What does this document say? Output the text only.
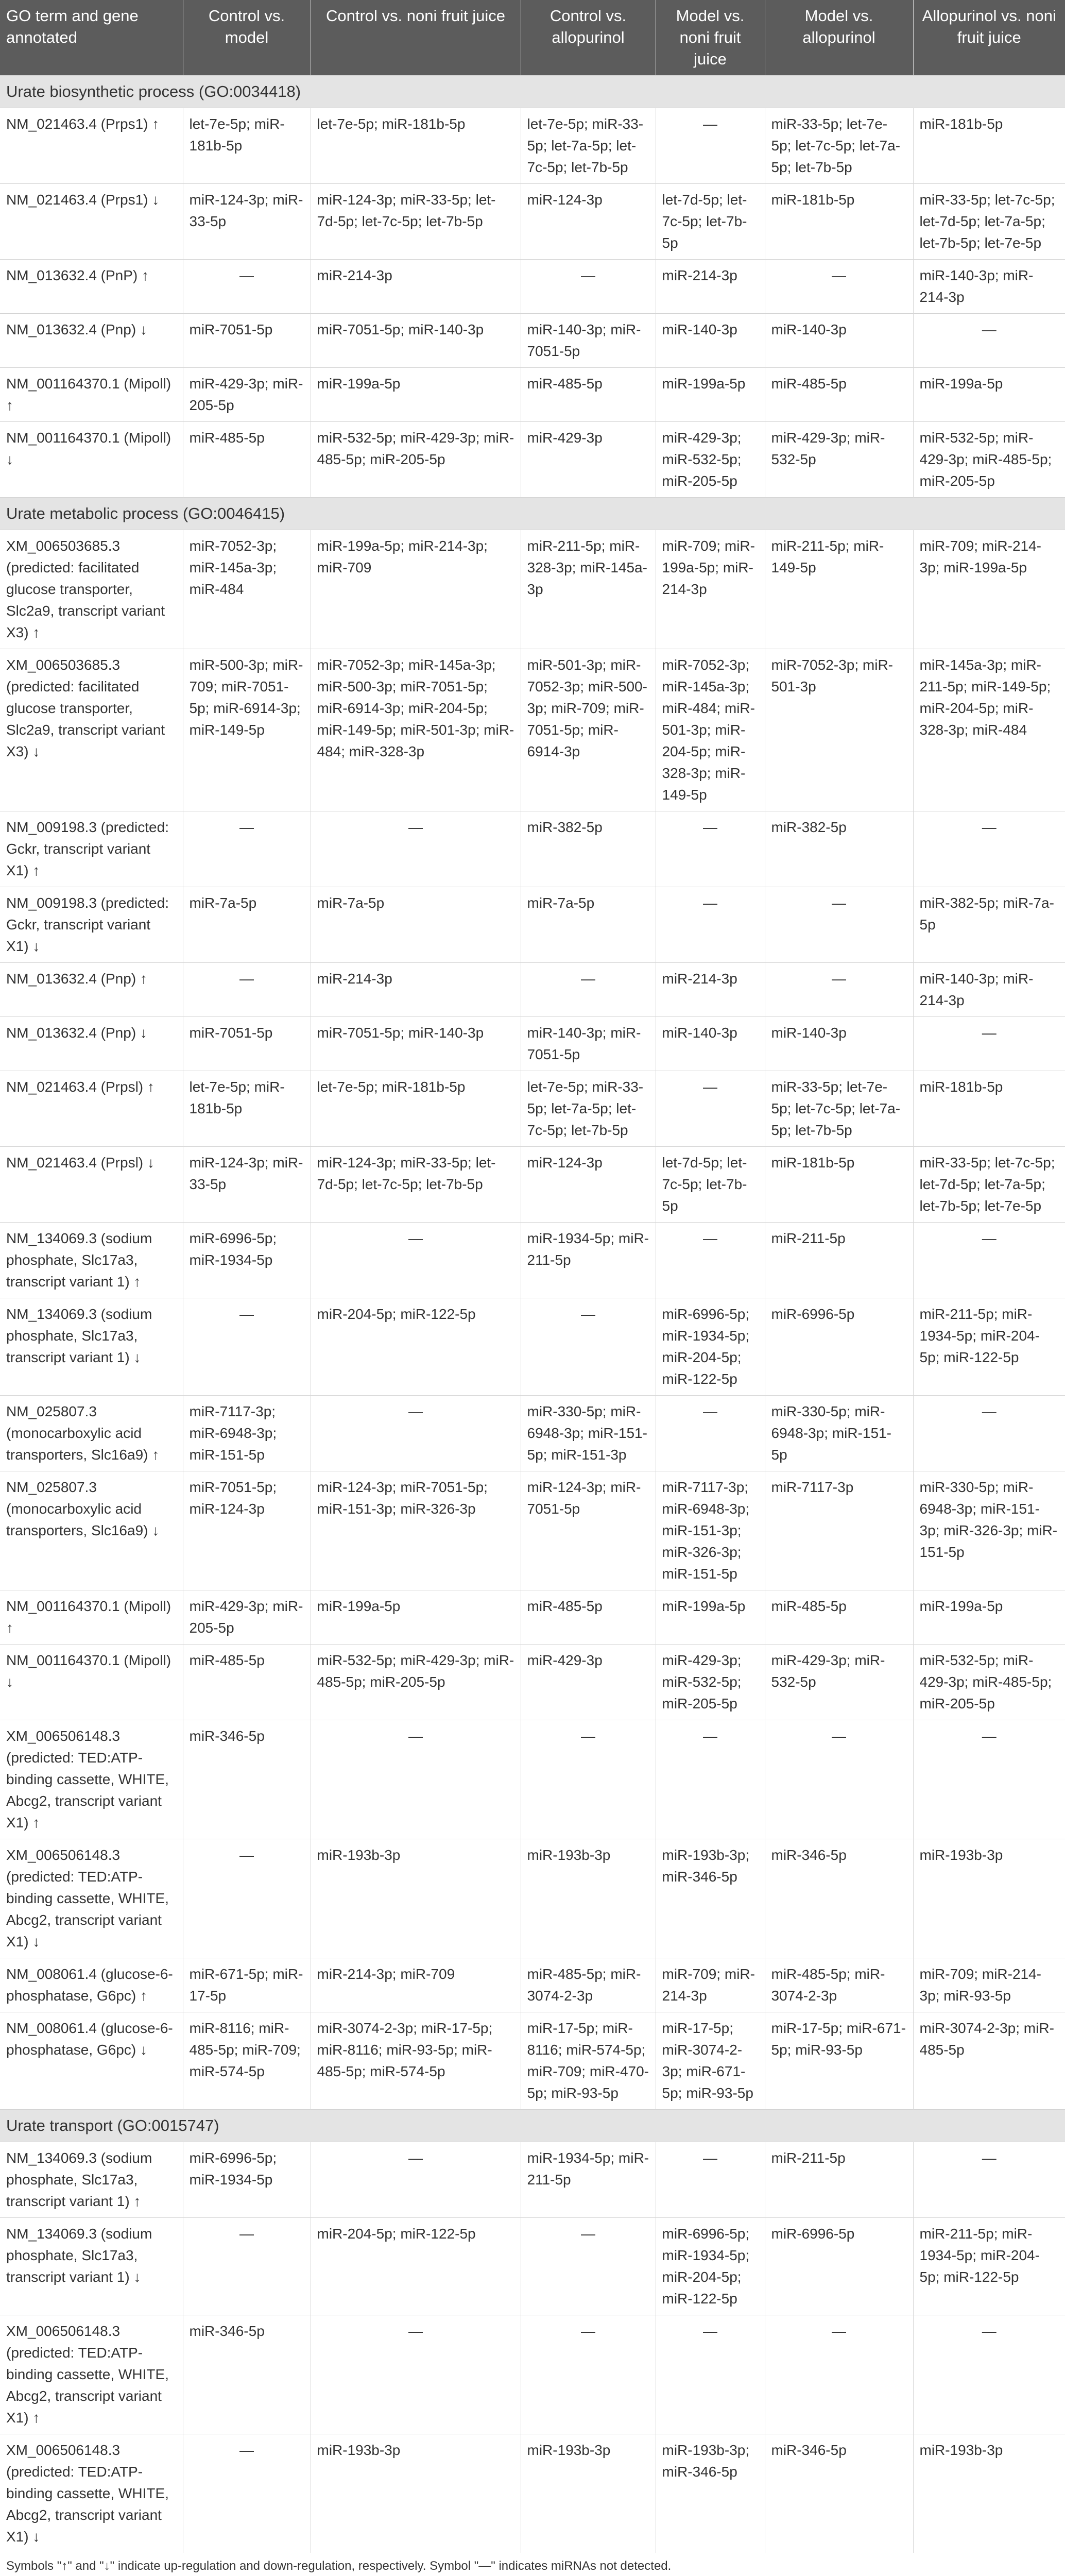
GO term and gene annotated	Control vs. model	Control vs. noni fruit juice	Control vs. allopurinol	Model vs. noni fruit juice	Model vs. allopurinol	Allopurinol vs. noni fruit juice
Urate biosynthetic process (GO:0034418)						
NM_021463.4 (Prps1) ↑	let-7e-5p; miR-181b-5p	let-7e-5p; miR-181b-5p	let-7e-5p; miR-33-5p; let-7a-5p; let-7c-5p; let-7b-5p	—	miR-33-5p; let-7e-5p; let-7c-5p; let-7a-5p; let-7b-5p	miR-181b-5p
NM_021463.4 (Prps1) ↓	miR-124-3p; miR-33-5p	miR-124-3p; miR-33-5p; let-7d-5p; let-7c-5p; let-7b-5p	miR-124-3p	let-7d-5p; let-7c-5p; let-7b-5p	miR-181b-5p	miR-33-5p; let-7c-5p; let-7d-5p; let-7a-5p; let-7b-5p; let-7e-5p
NM_013632.4 (PnP) ↑	—	miR-214-3p	—	miR-214-3p	—	miR-140-3p; miR-214-3p
NM_013632.4 (Pnp) ↓	miR-7051-5p	miR-7051-5p; miR-140-3p	miR-140-3p; miR-7051-5p	miR-140-3p	miR-140-3p	—
NM_001164370.1 (Mipoll) ↑	miR-429-3p; miR-205-5p	miR-199a-5p	miR-485-5p	miR-199a-5p	miR-485-5p	miR-199a-5p
NM_001164370.1 (Mipoll) ↓	miR-485-5p	miR-532-5p; miR-429-3p; miR-485-5p; miR-205-5p	miR-429-3p	miR-429-3p; miR-532-5p; miR-205-5p	miR-429-3p; miR-532-5p	miR-532-5p; miR-429-3p; miR-485-5p; miR-205-5p
Urate metabolic process (GO:0046415)						
XM_006503685.3 (predicted: facilitated glucose transporter, Slc2a9, transcript variant X3) ↑	miR-7052-3p; miR-145a-3p; miR-484	miR-199a-5p; miR-214-3p; miR-709	miR-211-5p; miR-328-3p; miR-145a-3p	miR-709; miR-199a-5p; miR-214-3p	miR-211-5p; miR-149-5p	miR-709; miR-214-3p; miR-199a-5p
XM_006503685.3 (predicted: facilitated glucose transporter, Slc2a9, transcript variant X3) ↓	miR-500-3p; miR-709; miR-7051-5p; miR-6914-3p; miR-149-5p	miR-7052-3p; miR-145a-3p; miR-500-3p; miR-7051-5p; miR-6914-3p; miR-204-5p; miR-149-5p; miR-501-3p; miR-484; miR-328-3p	miR-501-3p; miR-7052-3p; miR-500-3p; miR-709; miR-7051-5p; miR-6914-3p	miR-7052-3p; miR-145a-3p; miR-484; miR-501-3p; miR-204-5p; miR-328-3p; miR-149-5p	miR-7052-3p; miR-501-3p	miR-145a-3p; miR-211-5p; miR-149-5p; miR-204-5p; miR-328-3p; miR-484
NM_009198.3 (predicted: Gckr, transcript variant X1) ↑	—	—	miR-382-5p	—	miR-382-5p	—
NM_009198.3 (predicted: Gckr, transcript variant X1) ↓	miR-7a-5p	miR-7a-5p	miR-7a-5p	—	—	miR-382-5p; miR-7a-5p
NM_013632.4 (Pnp) ↑	—	miR-214-3p	—	miR-214-3p	—	miR-140-3p; miR-214-3p
NM_013632.4 (Pnp) ↓	miR-7051-5p	miR-7051-5p; miR-140-3p	miR-140-3p; miR-7051-5p	miR-140-3p	miR-140-3p	—
NM_021463.4 (Prpsl) ↑	let-7e-5p; miR-181b-5p	let-7e-5p; miR-181b-5p	let-7e-5p; miR-33-5p; let-7a-5p; let-7c-5p; let-7b-5p	—	miR-33-5p; let-7e-5p; let-7c-5p; let-7a-5p; let-7b-5p	miR-181b-5p
NM_021463.4 (Prpsl) ↓	miR-124-3p; miR-33-5p	miR-124-3p; miR-33-5p; let-7d-5p; let-7c-5p; let-7b-5p	miR-124-3p	let-7d-5p; let-7c-5p; let-7b-5p	miR-181b-5p	miR-33-5p; let-7c-5p; let-7d-5p; let-7a-5p; let-7b-5p; let-7e-5p
NM_134069.3 (sodium phosphate, Slc17a3, transcript variant 1) ↑	miR-6996-5p; miR-1934-5p	—	miR-1934-5p; miR-211-5p	—	miR-211-5p	—
NM_134069.3 (sodium phosphate, Slc17a3, transcript variant 1) ↓	—	miR-204-5p; miR-122-5p	—	miR-6996-5p; miR-1934-5p; miR-204-5p; miR-122-5p	miR-6996-5p	miR-211-5p; miR-1934-5p; miR-204-5p; miR-122-5p
NM_025807.3 (monocarboxylic acid transporters, Slc16a9) ↑	miR-7117-3p; miR-6948-3p; miR-151-5p	—	miR-330-5p; miR-6948-3p; miR-151-5p; miR-151-3p	—	miR-330-5p; miR-6948-3p; miR-151-5p	—
NM_025807.3 (monocarboxylic acid transporters, Slc16a9) ↓	miR-7051-5p; miR-124-3p	miR-124-3p; miR-7051-5p; miR-151-3p; miR-326-3p	miR-124-3p; miR-7051-5p	miR-7117-3p; miR-6948-3p; miR-151-3p; miR-326-3p; miR-151-5p	miR-7117-3p	miR-330-5p; miR-6948-3p; miR-151-3p; miR-326-3p; miR-151-5p
NM_001164370.1 (Mipoll) ↑	miR-429-3p; miR-205-5p	miR-199a-5p	miR-485-5p	miR-199a-5p	miR-485-5p	miR-199a-5p
NM_001164370.1 (Mipoll) ↓	miR-485-5p	miR-532-5p; miR-429-3p; miR-485-5p; miR-205-5p	miR-429-3p	miR-429-3p; miR-532-5p; miR-205-5p	miR-429-3p; miR-532-5p	miR-532-5p; miR-429-3p; miR-485-5p; miR-205-5p
XM_006506148.3 (predicted: TED:ATP-binding cassette, WHITE, Abcg2, transcript variant X1) ↑	miR-346-5p	—	—	—	—	—
XM_006506148.3 (predicted: TED:ATP-binding cassette, WHITE, Abcg2, transcript variant X1) ↓	—	miR-193b-3p	miR-193b-3p	miR-193b-3p; miR-346-5p	miR-346-5p	miR-193b-3p
NM_008061.4 (glucose-6-phosphatase, G6pc) ↑	miR-671-5p; miR-17-5p	miR-214-3p; miR-709	miR-485-5p; miR-3074-2-3p	miR-709; miR-214-3p	miR-485-5p; miR-3074-2-3p	miR-709; miR-214-3p; miR-93-5p
NM_008061.4 (glucose-6-phosphatase, G6pc) ↓	miR-8116; miR-485-5p; miR-709; miR-574-5p	miR-3074-2-3p; miR-17-5p; miR-8116; miR-93-5p; miR-485-5p; miR-574-5p	miR-17-5p; miR-8116; miR-574-5p; miR-709; miR-470-5p; miR-93-5p	miR-17-5p; miR-3074-2-3p; miR-671-5p; miR-93-5p	miR-17-5p; miR-671-5p; miR-93-5p	miR-3074-2-3p; miR-485-5p
Urate transport (GO:0015747)						
NM_134069.3 (sodium phosphate, Slc17a3, transcript variant 1) ↑	miR-6996-5p; miR-1934-5p	—	miR-1934-5p; miR-211-5p	—	miR-211-5p	—
NM_134069.3 (sodium phosphate, Slc17a3, transcript variant 1) ↓	—	miR-204-5p; miR-122-5p	—	miR-6996-5p; miR-1934-5p; miR-204-5p; miR-122-5p	miR-6996-5p	miR-211-5p; miR-1934-5p; miR-204-5p; miR-122-5p
XM_006506148.3 (predicted: TED:ATP-binding cassette, WHITE, Abcg2, transcript variant X1) ↑	miR-346-5p	—	—	—	—	—
XM_006506148.3 (predicted: TED:ATP-binding cassette, WHITE, Abcg2, transcript variant X1) ↓	—	miR-193b-3p	miR-193b-3p	miR-193b-3p; miR-346-5p	miR-346-5p	miR-193b-3p
Symbols "↑" and "↓" indicate up-regulation and down-regulation, respectively. Symbol "—" indicates miRNAs not detected.
